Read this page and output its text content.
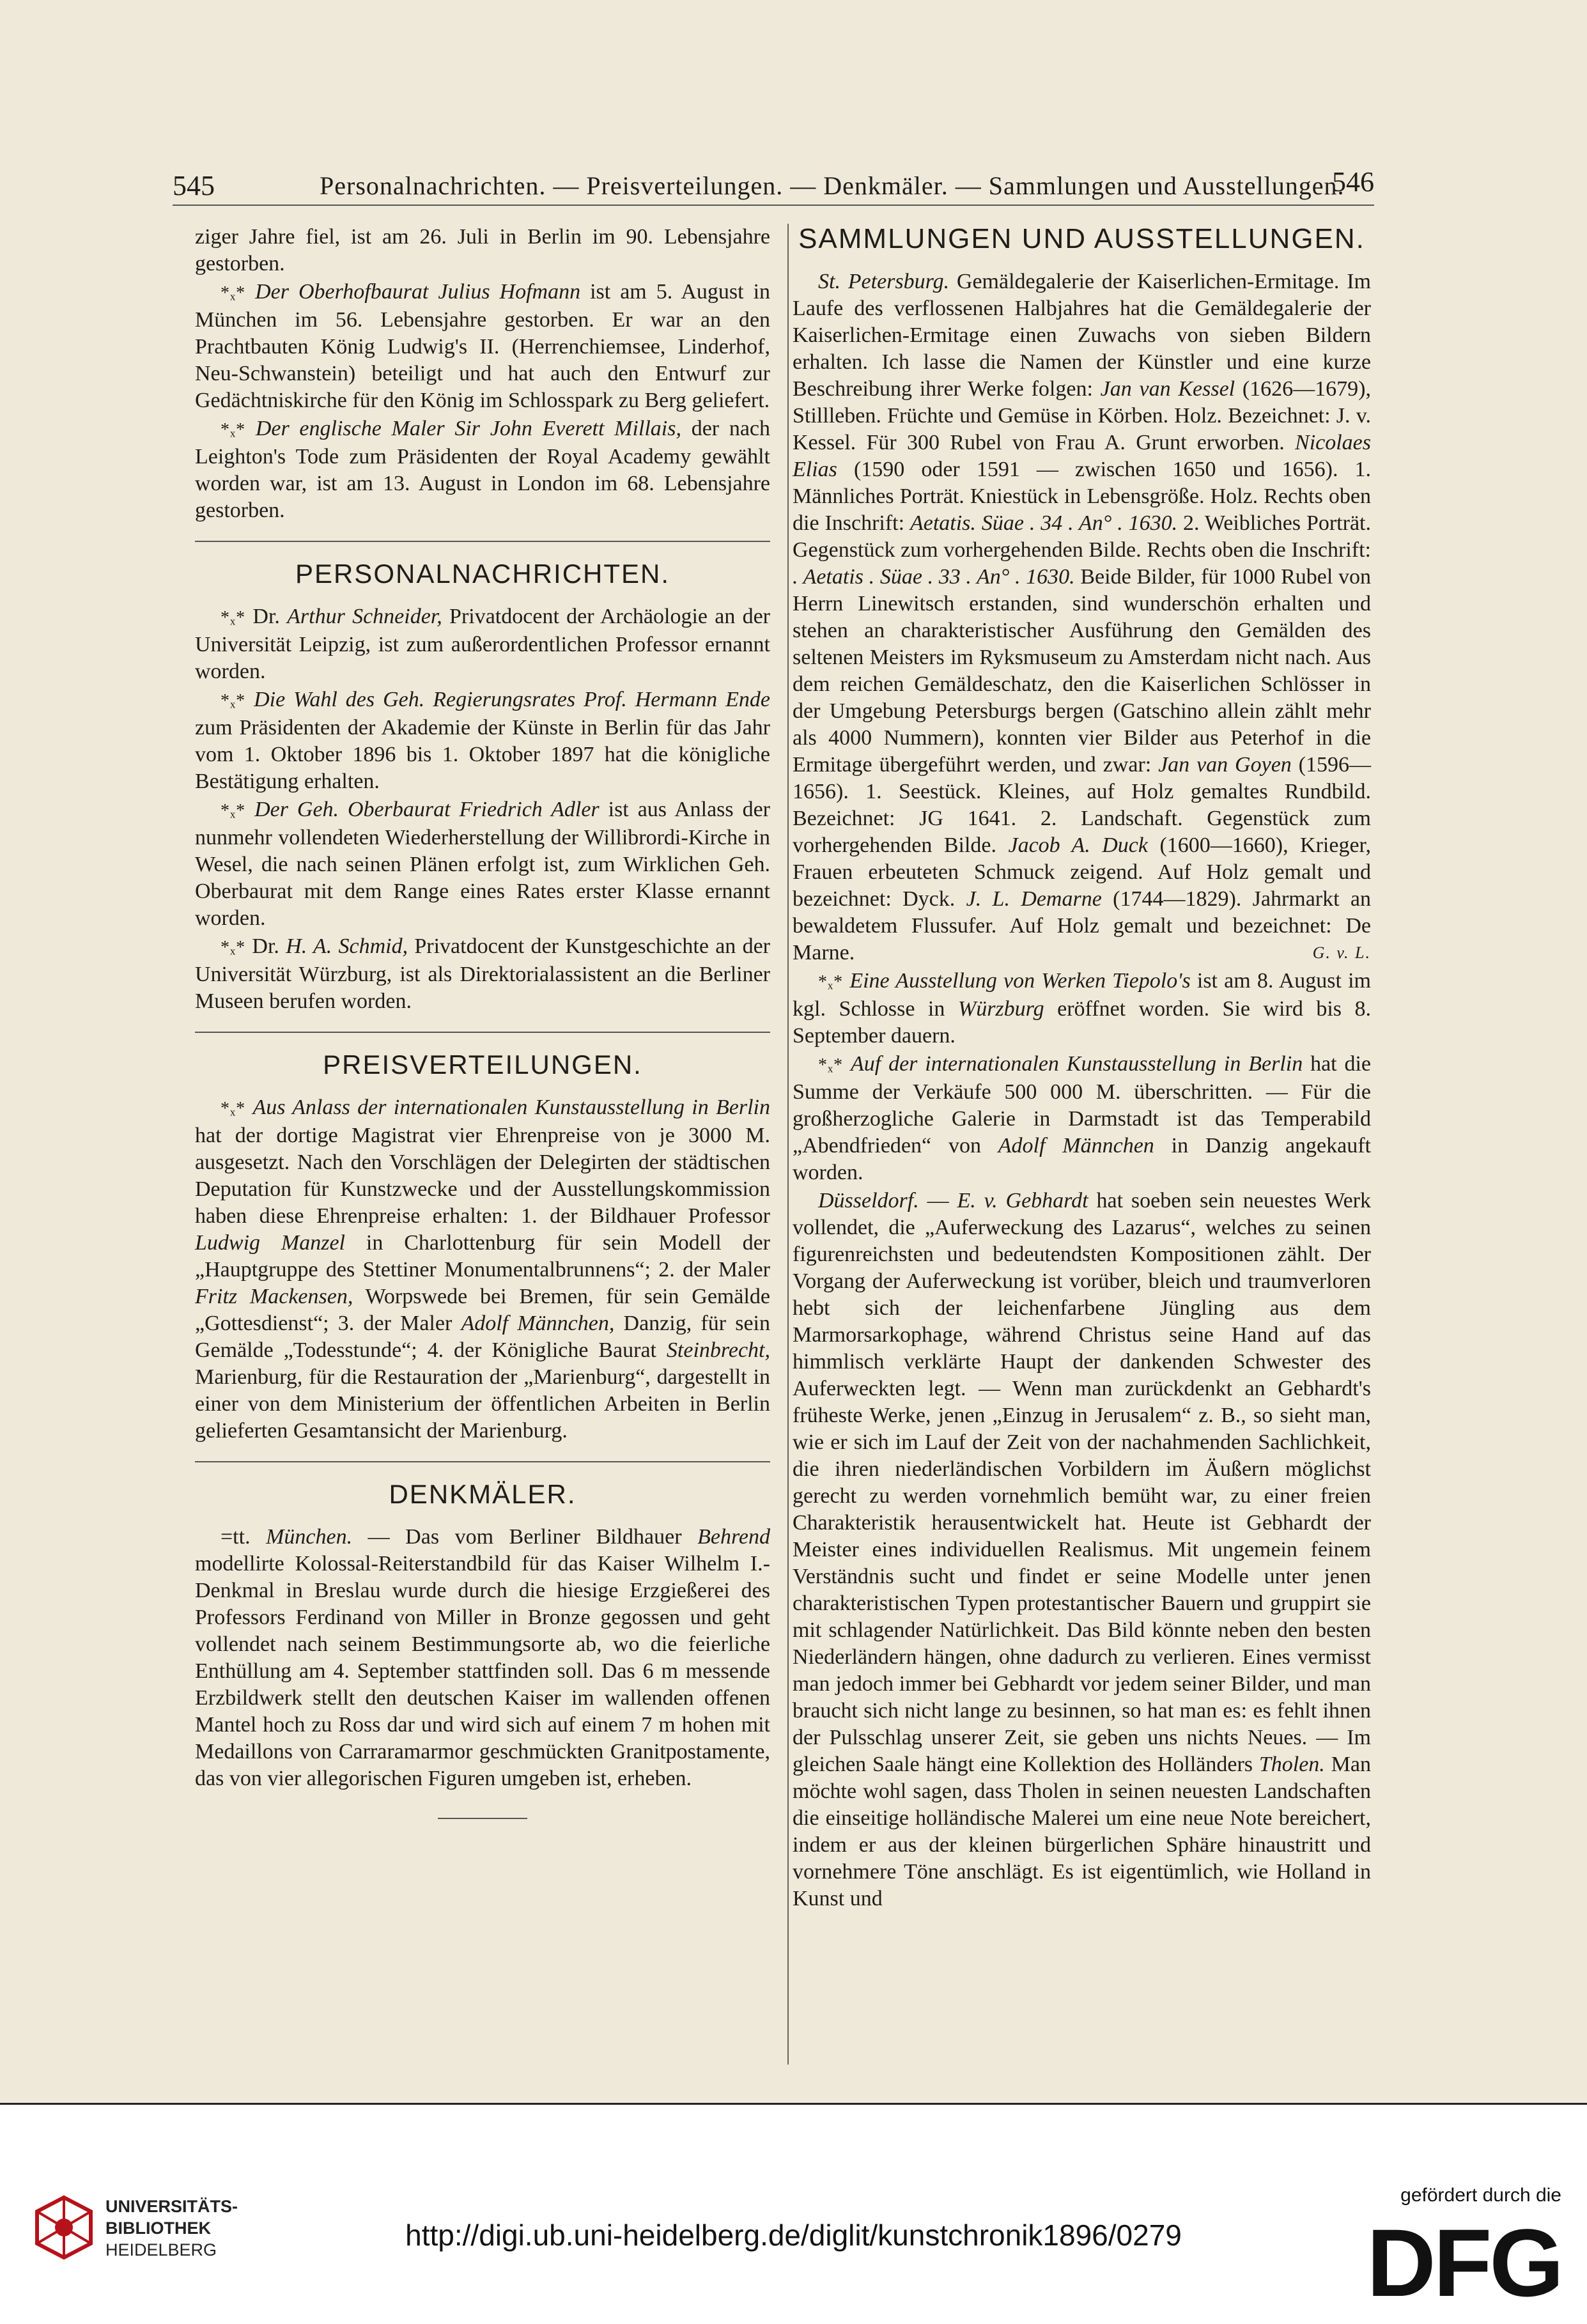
545	Personalnachrichten. — Preisverteilungen. — Denkmäler. — Sammlungen und Ausstellungen.
546

ziger Jahre fiel, ist am 26. Juli in Berlin im 90. Lebensjahre gestorben.

*ₓ* Der Oberhofbaurat Julius Hofmann ist am 5. August in München im 56. Lebensjahre gestorben. Er war an den Prachtbauten König Ludwig's II. (Herrenchiemsee, Linderhof, Neu-Schwanstein) beteiligt und hat auch den Entwurf zur Gedächtniskirche für den König im Schlosspark zu Berg geliefert.

*ₓ* Der englische Maler Sir John Everett Millais, der nach Leighton's Tode zum Präsidenten der Royal Academy gewählt worden war, ist am 13. August in London im 68. Lebensjahre gestorben.

PERSONALNACHRICHTEN.

*ₓ* Dr. Arthur Schneider, Privatdocent der Archäologie an der Universität Leipzig, ist zum außerordentlichen Professor ernannt worden.

*ₓ* Die Wahl des Geh. Regierungsrates Prof. Hermann Ende zum Präsidenten der Akademie der Künste in Berlin für das Jahr vom 1. Oktober 1896 bis 1. Oktober 1897 hat die königliche Bestätigung erhalten.

*ₓ* Der Geh. Oberbaurat Friedrich Adler ist aus Anlass der nunmehr vollendeten Wiederherstellung der Willibrordi-Kirche in Wesel, die nach seinen Plänen erfolgt ist, zum Wirklichen Geh. Oberbaurat mit dem Range eines Rates erster Klasse ernannt worden.

*ₓ* Dr. H. A. Schmid, Privatdocent der Kunstgeschichte an der Universität Würzburg, ist als Direktorialassistent an die Berliner Museen berufen worden.

PREISVERTEILUNGEN.

*ₓ* Aus Anlass der internationalen Kunstausstellung in Berlin hat der dortige Magistrat vier Ehrenpreise von je 3000 M. ausgesetzt. Nach den Vorschlägen der Delegirten der städtischen Deputation für Kunstzwecke und der Ausstellungskommission haben diese Ehrenpreise erhalten: 1. der Bildhauer Professor Ludwig Manzel in Charlottenburg für sein Modell der „Hauptgruppe des Stettiner Monumentalbrunnens“; 2. der Maler Fritz Mackensen, Worpswede bei Bremen, für sein Gemälde „Gottesdienst“; 3. der Maler Adolf Männchen, Danzig, für sein Gemälde „Todesstunde“; 4. der Königliche Baurat Steinbrecht, Marienburg, für die Restauration der „Marienburg“, dargestellt in einer von dem Ministerium der öffentlichen Arbeiten in Berlin gelieferten Gesamtansicht der Marienburg.

DENKMÄLER.

=tt. München. — Das vom Berliner Bildhauer Behrend modellirte Kolossal-Reiterstandbild für das Kaiser Wilhelm I.-Denkmal in Breslau wurde durch die hiesige Erzgießerei des Professors Ferdinand von Miller in Bronze gegossen und geht vollendet nach seinem Bestimmungsorte ab, wo die feierliche Enthüllung am 4. September stattfinden soll. Das 6 m messende Erzbildwerk stellt den deutschen Kaiser im wallenden offenen Mantel hoch zu Ross dar und wird sich auf einem 7 m hohen mit Medaillons von Carraramarmor geschmückten Granitpostamente, das von vier allegorischen Figuren umgeben ist, erheben.

SAMMLUNGEN UND AUSSTELLUNGEN.

St. Petersburg. Gemäldegalerie der Kaiserlichen-Ermitage. Im Laufe des verflossenen Halbjahres hat die Gemäldegalerie der Kaiserlichen-Ermitage einen Zuwachs von sieben Bildern erhalten. Ich lasse die Namen der Künstler und eine kurze Beschreibung ihrer Werke folgen: Jan van Kessel (1626—1679), Stillleben. Früchte und Gemüse in Körben. Holz. Bezeichnet: J. v. Kessel. Für 300 Rubel von Frau A. Grunt erworben. Nicolaes Elias (1590 oder 1591 — zwischen 1650 und 1656). 1. Männliches Porträt. Kniestück in Lebensgröße. Holz. Rechts oben die Inschrift: Aetatis. Süae . 34 . An° . 1630. 2. Weibliches Porträt. Gegenstück zum vorhergehenden Bilde. Rechts oben die Inschrift: . Aetatis . Süae . 33 . An° . 1630. Beide Bilder, für 1000 Rubel von Herrn Linewitsch erstanden, sind wunderschön erhalten und stehen an charakteristischer Ausführung den Gemälden des seltenen Meisters im Ryksmuseum zu Amsterdam nicht nach. Aus dem reichen Gemäldeschatz, den die Kaiserlichen Schlösser in der Umgebung Petersburgs bergen (Gatschino allein zählt mehr als 4000 Nummern), konnten vier Bilder aus Peterhof in die Ermitage übergeführt werden, und zwar: Jan van Goyen (1596—1656). 1. Seestück. Kleines, auf Holz gemaltes Rundbild. Bezeichnet: JG 1641. 2. Landschaft. Gegenstück zum vorhergehenden Bilde. Jacob A. Duck (1600—1660), Krieger, Frauen erbeuteten Schmuck zeigend. Auf Holz gemalt und bezeichnet: Dyck. J. L. Demarne (1744—1829). Jahrmarkt an bewaldetem Flussufer. Auf Holz gemalt und bezeichnet: De Marne.	G. v. L.

*ₓ* Eine Ausstellung von Werken Tiepolo's ist am 8. August im kgl. Schlosse in Würzburg eröffnet worden. Sie wird bis 8. September dauern.

*ₓ* Auf der internationalen Kunstausstellung in Berlin hat die Summe der Verkäufe 500 000 M. überschritten. — Für die großherzogliche Galerie in Darmstadt ist das Temperabild „Abendfrieden“ von Adolf Männchen in Danzig angekauft worden.

Düsseldorf. — E. v. Gebhardt hat soeben sein neuestes Werk vollendet, die „Auferweckung des Lazarus“, welches zu seinen figurenreichsten und bedeutendsten Kompositionen zählt. Der Vorgang der Auferweckung ist vorüber, bleich und traumverloren hebt sich der leichenfarbene Jüngling aus dem Marmorsarkophage, während Christus seine Hand auf das himmlisch verklärte Haupt der dankenden Schwester des Auferweckten legt. — Wenn man zurückdenkt an Gebhardt's früheste Werke, jenen „Einzug in Jerusalem“ z. B., so sieht man, wie er sich im Lauf der Zeit von der nachahmenden Sachlichkeit, die ihren niederländischen Vorbildern im Äußern möglichst gerecht zu werden vornehmlich bemüht war, zu einer freien Charakteristik herausentwickelt hat. Heute ist Gebhardt der Meister eines individuellen Realismus. Mit ungemein feinem Verständnis sucht und findet er seine Modelle unter jenen charakteristischen Typen protestantischer Bauern und gruppirt sie mit schlagender Natürlichkeit. Das Bild könnte neben den besten Niederländern hängen, ohne dadurch zu verlieren. Eines vermisst man jedoch immer bei Gebhardt vor jedem seiner Bilder, und man braucht sich nicht lange zu besinnen, so hat man es: es fehlt ihnen der Pulsschlag unserer Zeit, sie geben uns nichts Neues. — Im gleichen Saale hängt eine Kollektion des Holländers Tholen. Man möchte wohl sagen, dass Tholen in seinen neuesten Landschaften die einseitige holländische Malerei um eine neue Note bereichert, indem er aus der kleinen bürgerlichen Sphäre hinaustritt und vornehmere Töne anschlägt. Es ist eigentümlich, wie Holland in Kunst und

UNIVERSITÄTS-
BIBLIOTHEK
HEIDELBERG	http://digi.ub.uni-heidelberg.de/diglit/kunstchronik1896/0279
gefördert durch die
DFG
